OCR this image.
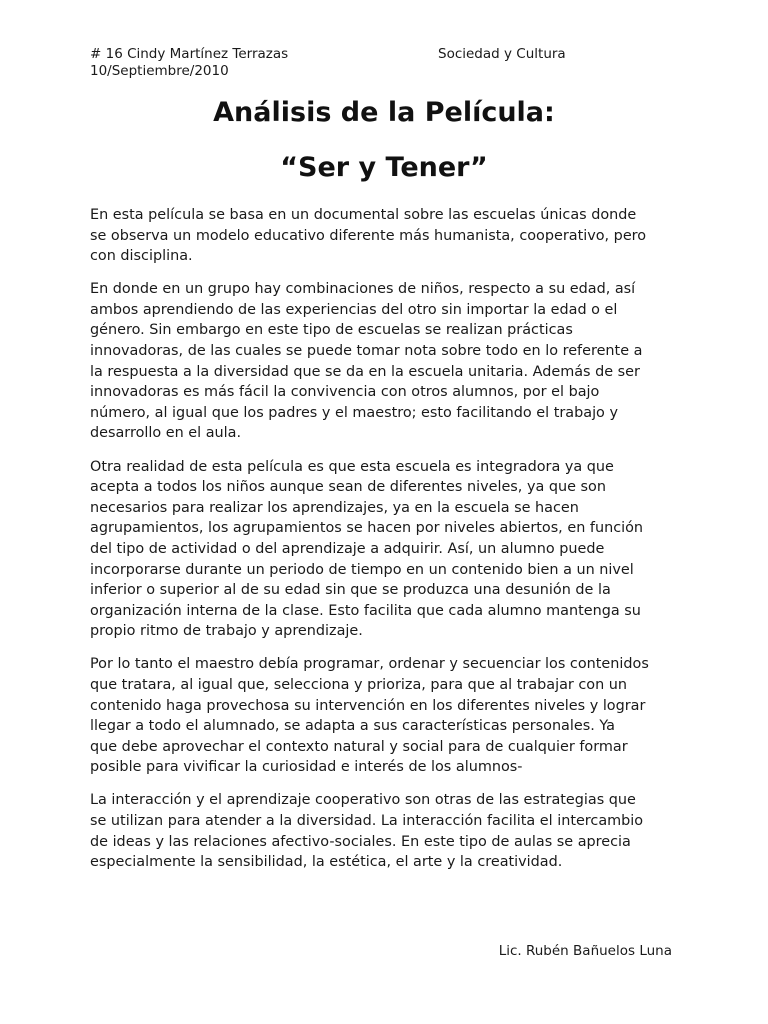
# 16 Cindy Martínez Terrazas	Sociedad y Cultura
10/Septiembre/2010
Análisis de la Película:
“Ser y Tener”

En esta película se basa en un documental sobre las escuelas únicas donde
se observa un modelo educativo diferente más humanista, cooperativo, pero
con disciplina.

En donde en un grupo hay combinaciones de niños, respecto a su edad, así
ambos aprendiendo de las experiencias del otro sin importar la edad o el
género. Sin embargo en este tipo de escuelas se realizan prácticas
innovadoras, de las cuales se puede tomar nota sobre todo en lo referente a
la respuesta a la diversidad que se da en la escuela unitaria. Además de ser
innovadoras es más fácil la convivencia con otros alumnos, por el bajo
número, al igual que los padres y el maestro; esto facilitando el trabajo y
desarrollo en el aula.

Otra realidad de esta película es que esta escuela es integradora ya que
acepta a todos los niños aunque sean de diferentes niveles, ya que son
necesarios para realizar los aprendizajes, ya en la escuela se hacen
agrupamientos, los agrupamientos se hacen por niveles abiertos, en función
del tipo de actividad o del aprendizaje a adquirir. Así, un alumno puede
incorporarse durante un periodo de tiempo en un contenido bien a un nivel
inferior o superior al de su edad sin que se produzca una desunión de la
organización interna de la clase. Esto facilita que cada alumno mantenga su
propio ritmo de trabajo y aprendizaje.

Por lo tanto el maestro debía programar, ordenar y secuenciar los contenidos
que tratara, al igual que, selecciona y prioriza, para que al trabajar con un
contenido haga provechosa su intervención en los diferentes niveles y lograr
llegar a todo el alumnado, se adapta a sus características personales. Ya
que debe aprovechar el contexto natural y social para de cualquier formar
posible para vivificar la curiosidad e interés de los alumnos-

La interacción y el aprendizaje cooperativo son otras de las estrategias que
se utilizan para atender a la diversidad. La interacción facilita el intercambio
de ideas y las relaciones afectivo-sociales. En este tipo de aulas se aprecia
especialmente la sensibilidad, la estética, el arte y la creatividad.

Lic. Rubén Bañuelos Luna
